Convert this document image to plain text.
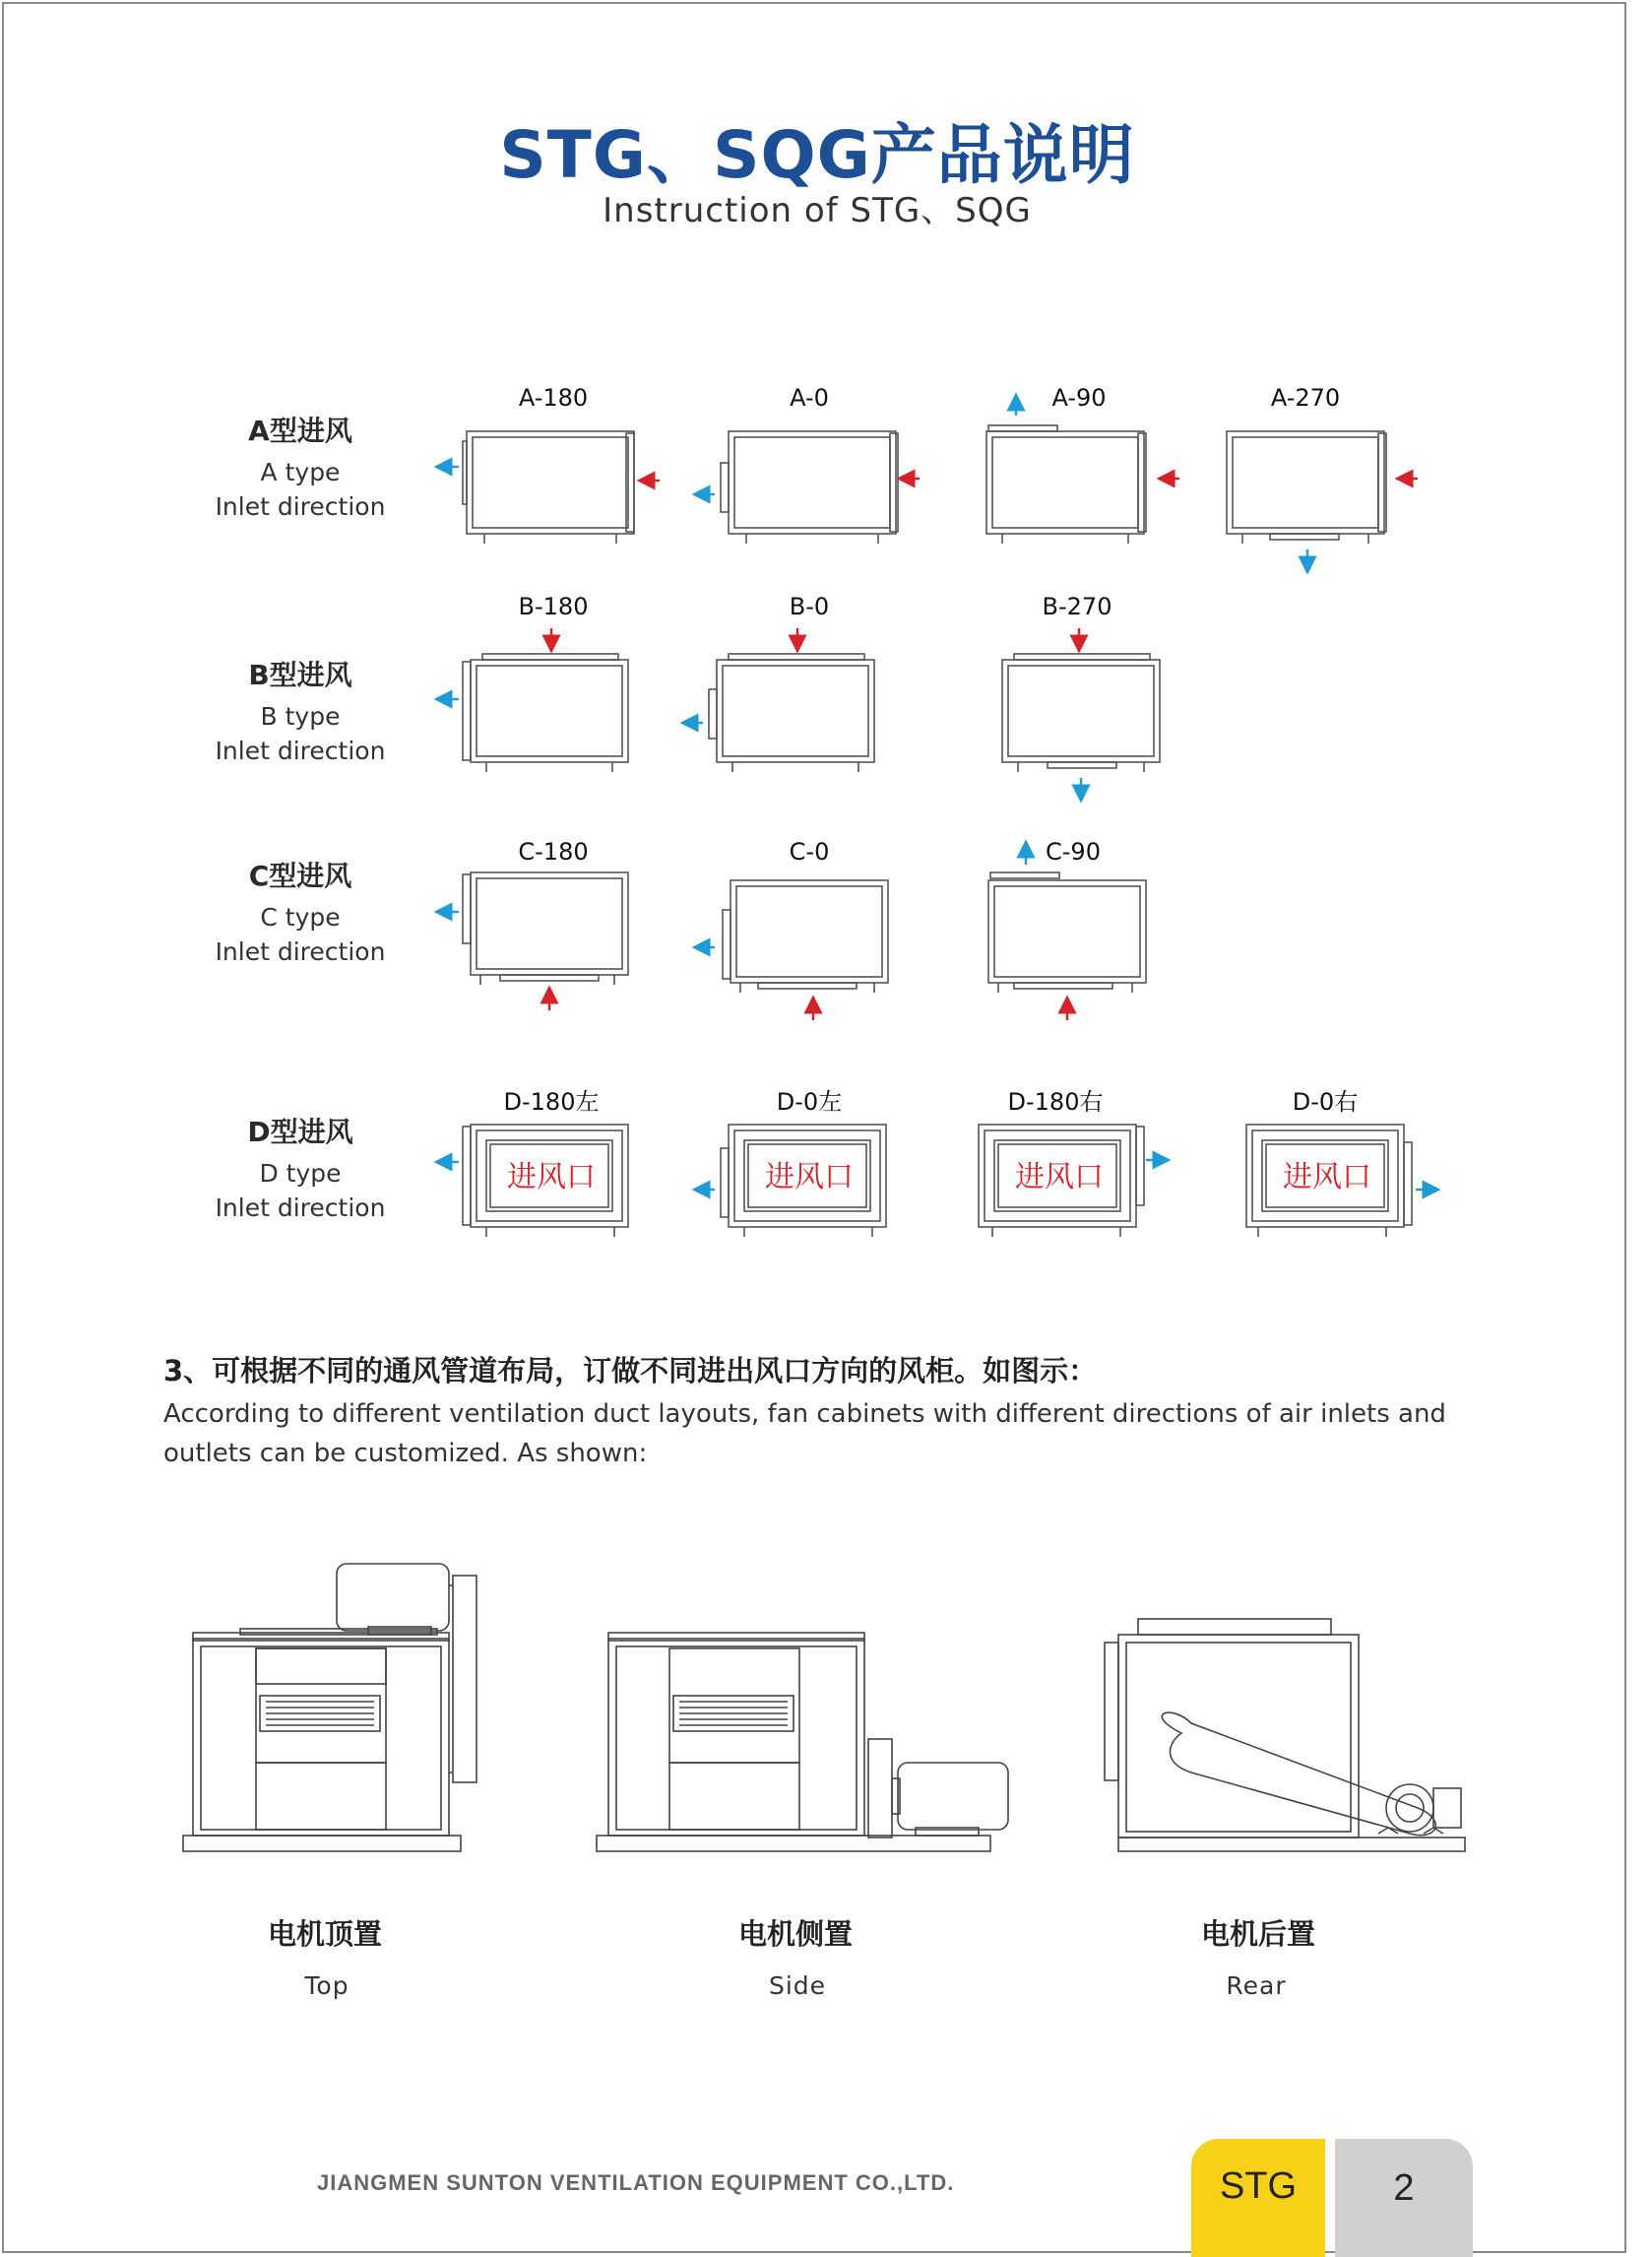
STG、SQG产品说明
Instruction of STG、SQG
A型进风
A type
Inlet direction
B型进风
B type
Inlet direction
C型进风
C type
Inlet direction
D型进风
D type
Inlet direction
A-180	A-0	A-90	A-270
B-180	B-0	B-270
C-180	C-0	C-90
D-180左	D-0左	D-180右	D-0右
进风口	进风口	进风口	进风口
3、可根据不同的通风管道布局，订做不同进出风口方向的风柜。如图示：
According to different ventilation duct layouts, fan cabinets with different directions of air inlets and outlets can be customized. As shown:
电机顶置
Top
电机侧置
Side
电机后置
Rear
JIANGMEN SUNTON VENTILATION EQUIPMENT CO.,LTD.	STG	2
